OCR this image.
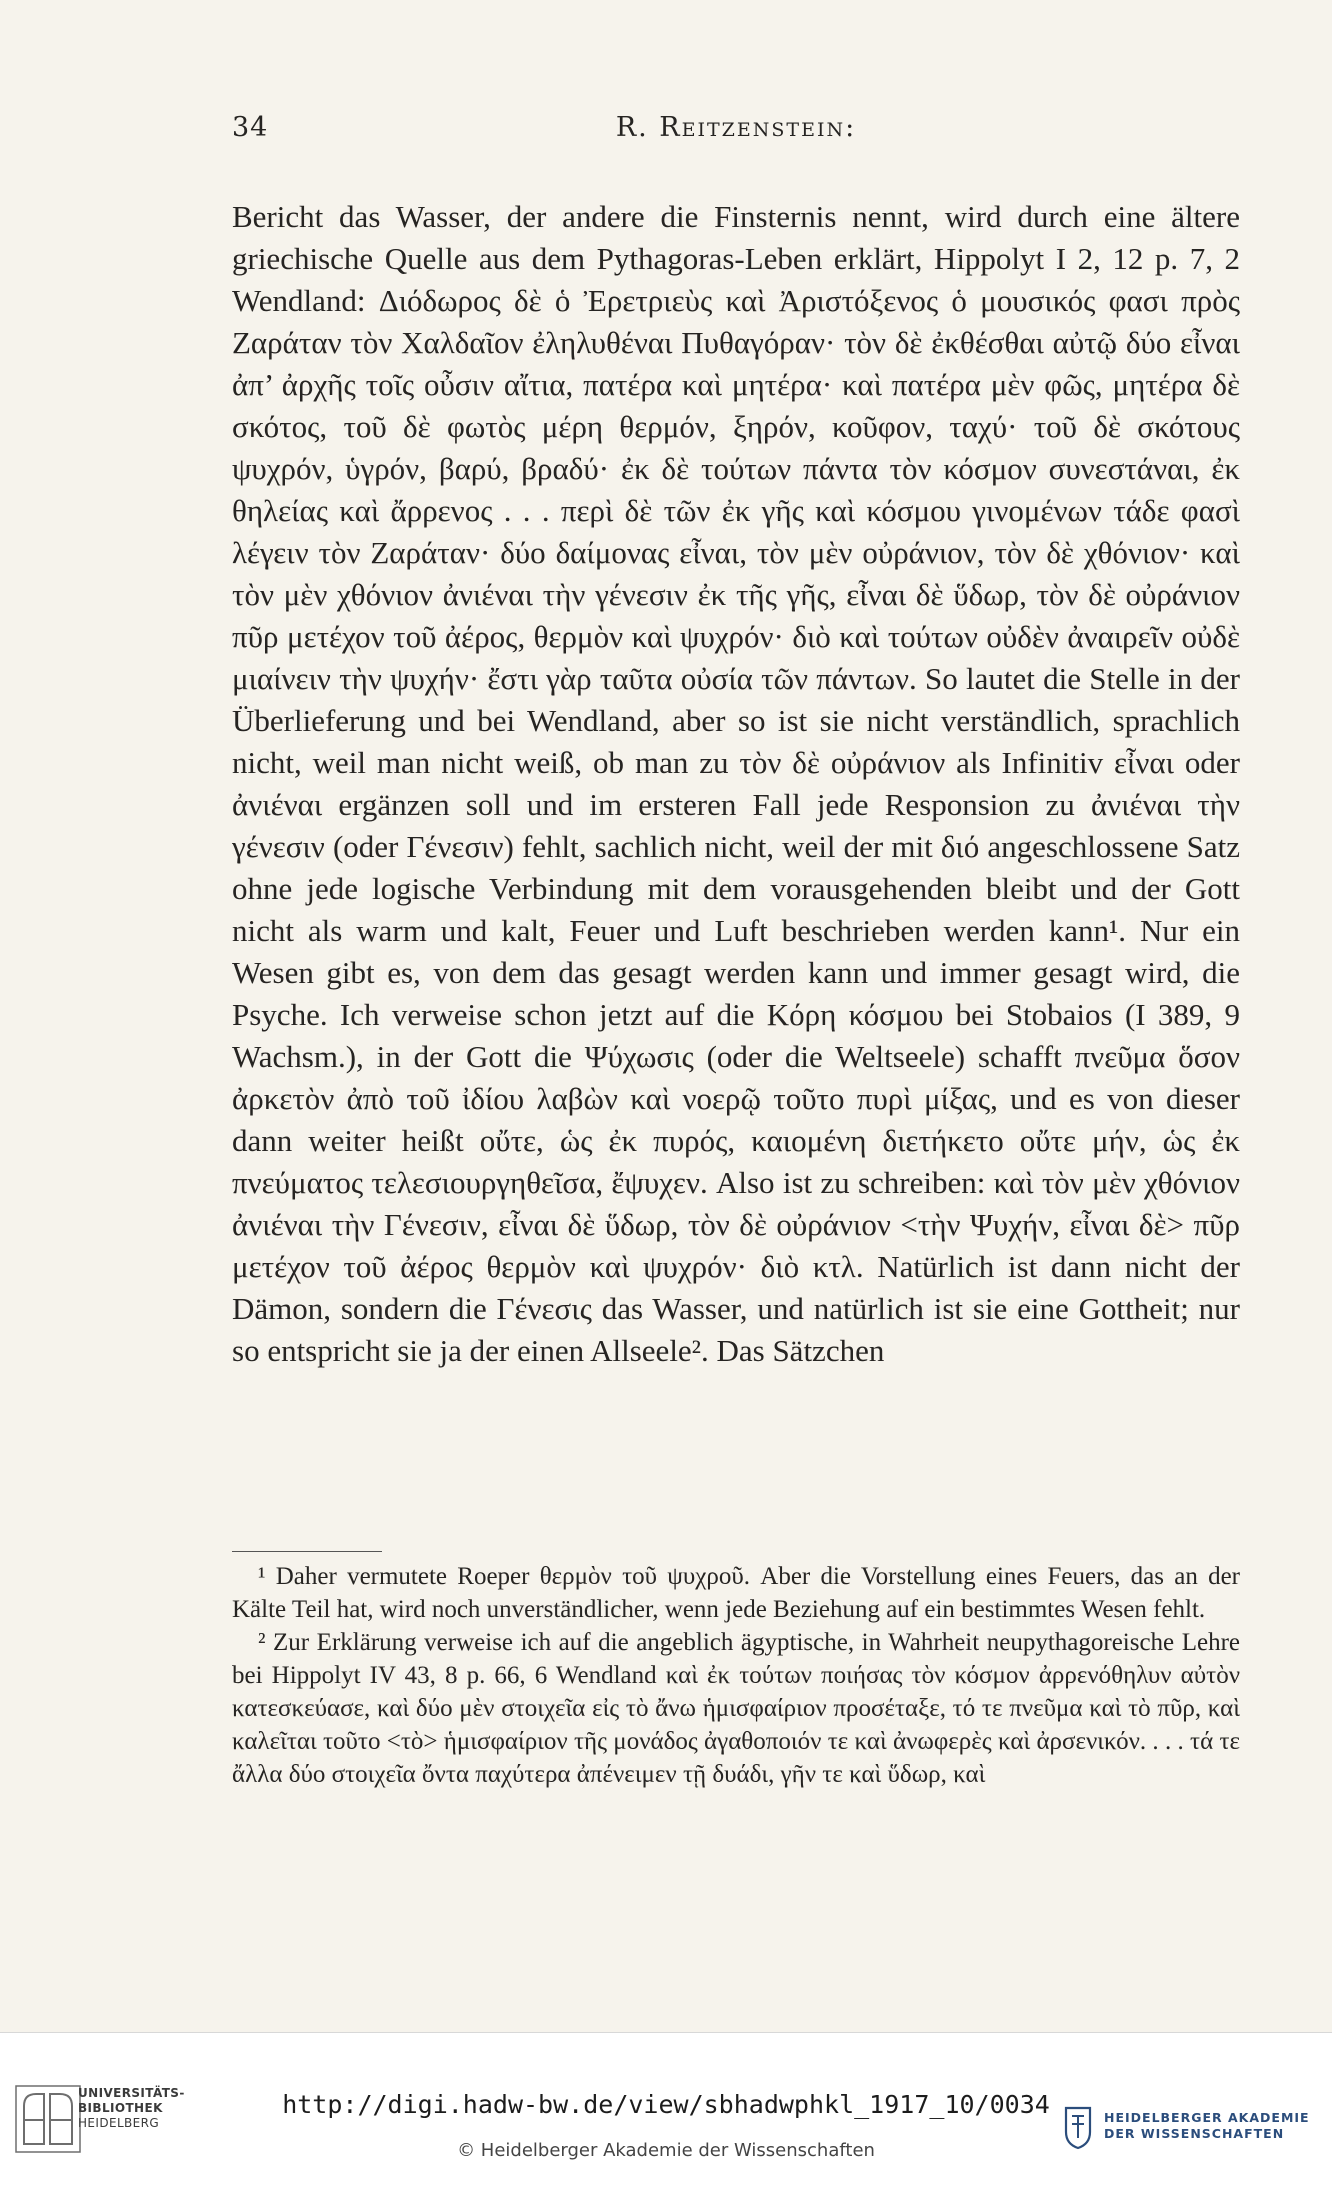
34	R. Reitzenstein:

Bericht das Wasser, der andere die Finsternis nennt, wird durch eine ältere griechische Quelle aus dem Pythagoras-Leben erklärt, Hippolyt I 2, 12 p. 7, 2 Wendland: Διόδωρος δὲ ὁ Ἐρετριεὺς καὶ Ἀριστόξενος ὁ μουσικός φασι πρὸς Ζαράταν τὸν Χαλδαῖον ἐληλυθέναι Πυθαγόραν· τὸν δὲ ἐκθέσθαι αὐτῷ δύο εἶναι ἀπ’ ἀρχῆς τοῖς οὖσιν αἴτια, πατέρα καὶ μητέρα· καὶ πατέρα μὲν φῶς, μητέρα δὲ σκότος, τοῦ δὲ φωτὸς μέρη θερμόν, ξηρόν, κοῦφον, ταχύ· τοῦ δὲ σκότους ψυχρόν, ὑγρόν, βαρύ, βραδύ· ἐκ δὲ τούτων πάντα τὸν κόσμον συνεστάναι, ἐκ θηλείας καὶ ἄρρενος . . . περὶ δὲ τῶν ἐκ γῆς καὶ κόσμου γινομένων τάδε φασὶ λέγειν τὸν Ζαράταν· δύο δαίμονας εἶναι, τὸν μὲν οὐράνιον, τὸν δὲ χθόνιον· καὶ τὸν μὲν χθόνιον ἀνιέναι τὴν γένεσιν ἐκ τῆς γῆς, εἶναι δὲ ὕδωρ, τὸν δὲ οὐράνιον πῦρ μετέχον τοῦ ἀέρος, θερμὸν καὶ ψυχρόν· διὸ καὶ τούτων οὐδὲν ἀναιρεῖν οὐδὲ μιαίνειν τὴν ψυχήν· ἔστι γὰρ ταῦτα οὐσία τῶν πάντων. So lautet die Stelle in der Überlieferung und bei Wendland, aber so ist sie nicht verständlich, sprachlich nicht, weil man nicht weiß, ob man zu τὸν δὲ οὐράνιον als Infinitiv εἶναι oder ἀνιέναι ergänzen soll und im ersteren Fall jede Responsion zu ἀνιέναι τὴν γένεσιν (oder Γένεσιν) fehlt, sachlich nicht, weil der mit διό angeschlossene Satz ohne jede logische Verbindung mit dem vorausgehenden bleibt und der Gott nicht als warm und kalt, Feuer und Luft beschrieben werden kann¹. Nur ein Wesen gibt es, von dem das gesagt werden kann und immer gesagt wird, die Psyche. Ich verweise schon jetzt auf die Κόρη κόσμου bei Stobaios (I 389, 9 Wachsm.), in der Gott die Ψύχωσις (oder die Weltseele) schafft πνεῦμα ὅσον ἀρκετὸν ἀπὸ τοῦ ἰδίου λαβὼν καὶ νοερῷ τοῦτο πυρὶ μίξας, und es von dieser dann weiter heißt οὔτε, ὡς ἐκ πυρός, καιομένη διετήκετο οὔτε μήν, ὡς ἐκ πνεύματος τελεσιουργηθεῖσα, ἔψυχεν. Also ist zu schreiben: καὶ τὸν μὲν χθόνιον ἀνιέναι τὴν Γένεσιν, εἶναι δὲ ὕδωρ, τὸν δὲ οὐράνιον <τὴν Ψυχήν, εἶναι δὲ> πῦρ μετέχον τοῦ ἀέρος θερμὸν καὶ ψυχρόν· διὸ κτλ. Natürlich ist dann nicht der Dämon, sondern die Γένεσις das Wasser, und natürlich ist sie eine Gottheit; nur so entspricht sie ja der einen Allseele². Das Sätzchen

¹ Daher vermutete Roeper θερμὸν τοῦ ψυχροῦ. Aber die Vorstellung eines Feuers, das an der Kälte Teil hat, wird noch unverständlicher, wenn jede Beziehung auf ein bestimmtes Wesen fehlt.

² Zur Erklärung verweise ich auf die angeblich ägyptische, in Wahrheit neupythagoreische Lehre bei Hippolyt IV 43, 8 p. 66, 6 Wendland καὶ ἐκ τούτων ποιήσας τὸν κόσμον ἀρρενόθηλυν αὐτὸν κατεσκεύασε, καὶ δύο μὲν στοιχεῖα εἰς τὸ ἄνω ἡμισφαίριον προσέταξε, τό τε πνεῦμα καὶ τὸ πῦρ, καὶ καλεῖται τοῦτο <τὸ> ἡμισφαίριον τῆς μονάδος ἀγαθοποιόν τε καὶ ἀνωφερὲς καὶ ἀρσενικόν. . . . τά τε ἄλλα δύο στοιχεῖα ὄντα παχύτερα ἀπένειμεν τῇ δυάδι, γῆν τε καὶ ὕδωρ, καὶ

UNIVERSITÄTS-
BIBLIOTHEK
HEIDELBERG
http://digi.hadw-bw.de/view/sbhadwphkl_1917_10/0034
© Heidelberger Akademie der Wissenschaften
HEIDELBERGER AKADEMIE
DER WISSENSCHAFTEN
